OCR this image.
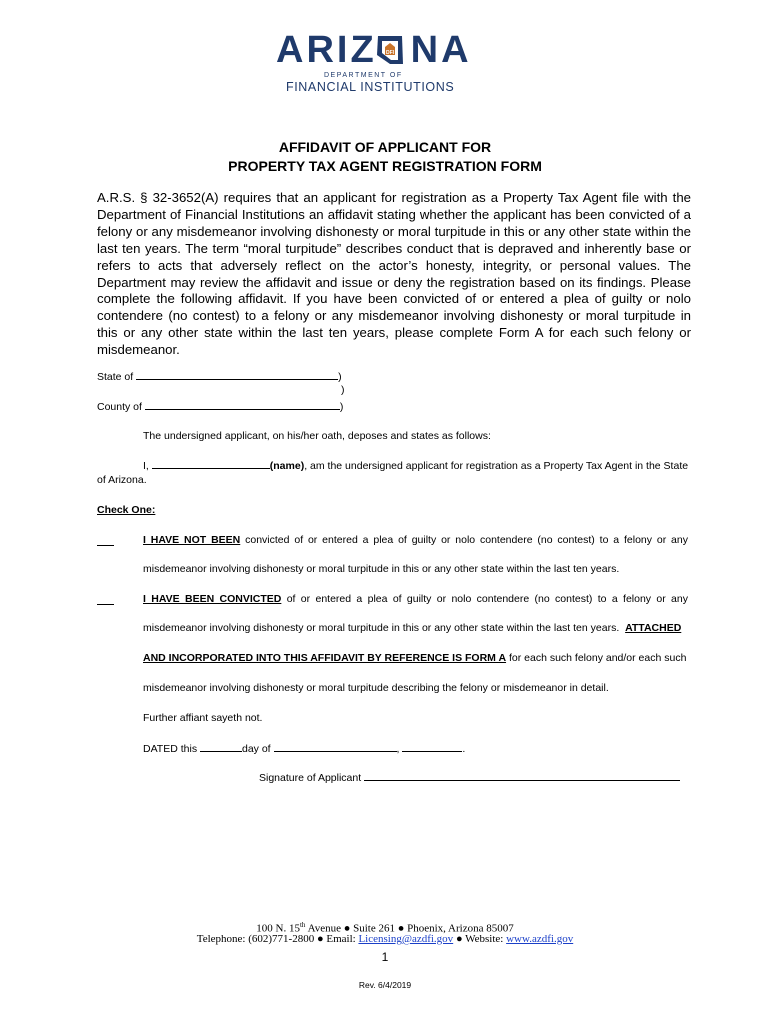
ARIZ NA
DFI
DEPARTMENT OF
FINANCIAL INSTITUTIONS
AFFIDAVIT OF APPLICANT FOR
PROPERTY TAX AGENT REGISTRATION FORM
A.R.S. § 32-3652(A) requires that an applicant for registration as a Property Tax Agent file with the Department of Financial Institutions an affidavit stating whether the applicant has been convicted of a felony or any misdemeanor involving dishonesty or moral turpitude in this or any other state within the last ten years. The term “moral turpitude” describes conduct that is depraved and inherently base or refers to acts that adversely reflect on the actor’s honesty, integrity, or personal values. The Department may review the affidavit and issue or deny the registration based on its findings. Please complete the following affidavit. If you have been convicted of or entered a plea of guilty or nolo contendere (no contest) to a felony or any misdemeanor involving dishonesty or moral turpitude in this or any other state within the last ten years, please complete Form A for each such felony or misdemeanor.
State of	)
)
County of	)
The undersigned applicant, on his/her oath, deposes and states as follows:
I,	(name), am the undersigned applicant for registration as a Property Tax Agent in the State
of Arizona.
Check One:
I HAVE NOT BEEN convicted of or entered a plea of guilty or nolo contendere (no contest) to a felony or any
misdemeanor involving dishonesty or moral turpitude in this or any other state within the last ten years.
I HAVE BEEN CONVICTED of or entered a plea of guilty or nolo contendere (no contest) to a felony or any
misdemeanor involving dishonesty or moral turpitude in this or any other state within the last ten years. ATTACHED
AND INCORPORATED INTO THIS AFFIDAVIT BY REFERENCE IS FORM A for each such felony and/or each such
misdemeanor involving dishonesty or moral turpitude describing the felony or misdemeanor in detail.
Further affiant sayeth not.
DATED this	day of	,	.
Signature of Applicant
100 N. 15th Avenue ● Suite 261 ● Phoenix, Arizona 85007
Telephone: (602)771-2800 ● Email: Licensing@azdfi.gov ● Website: www.azdfi.gov
1
Rev. 6/4/2019
